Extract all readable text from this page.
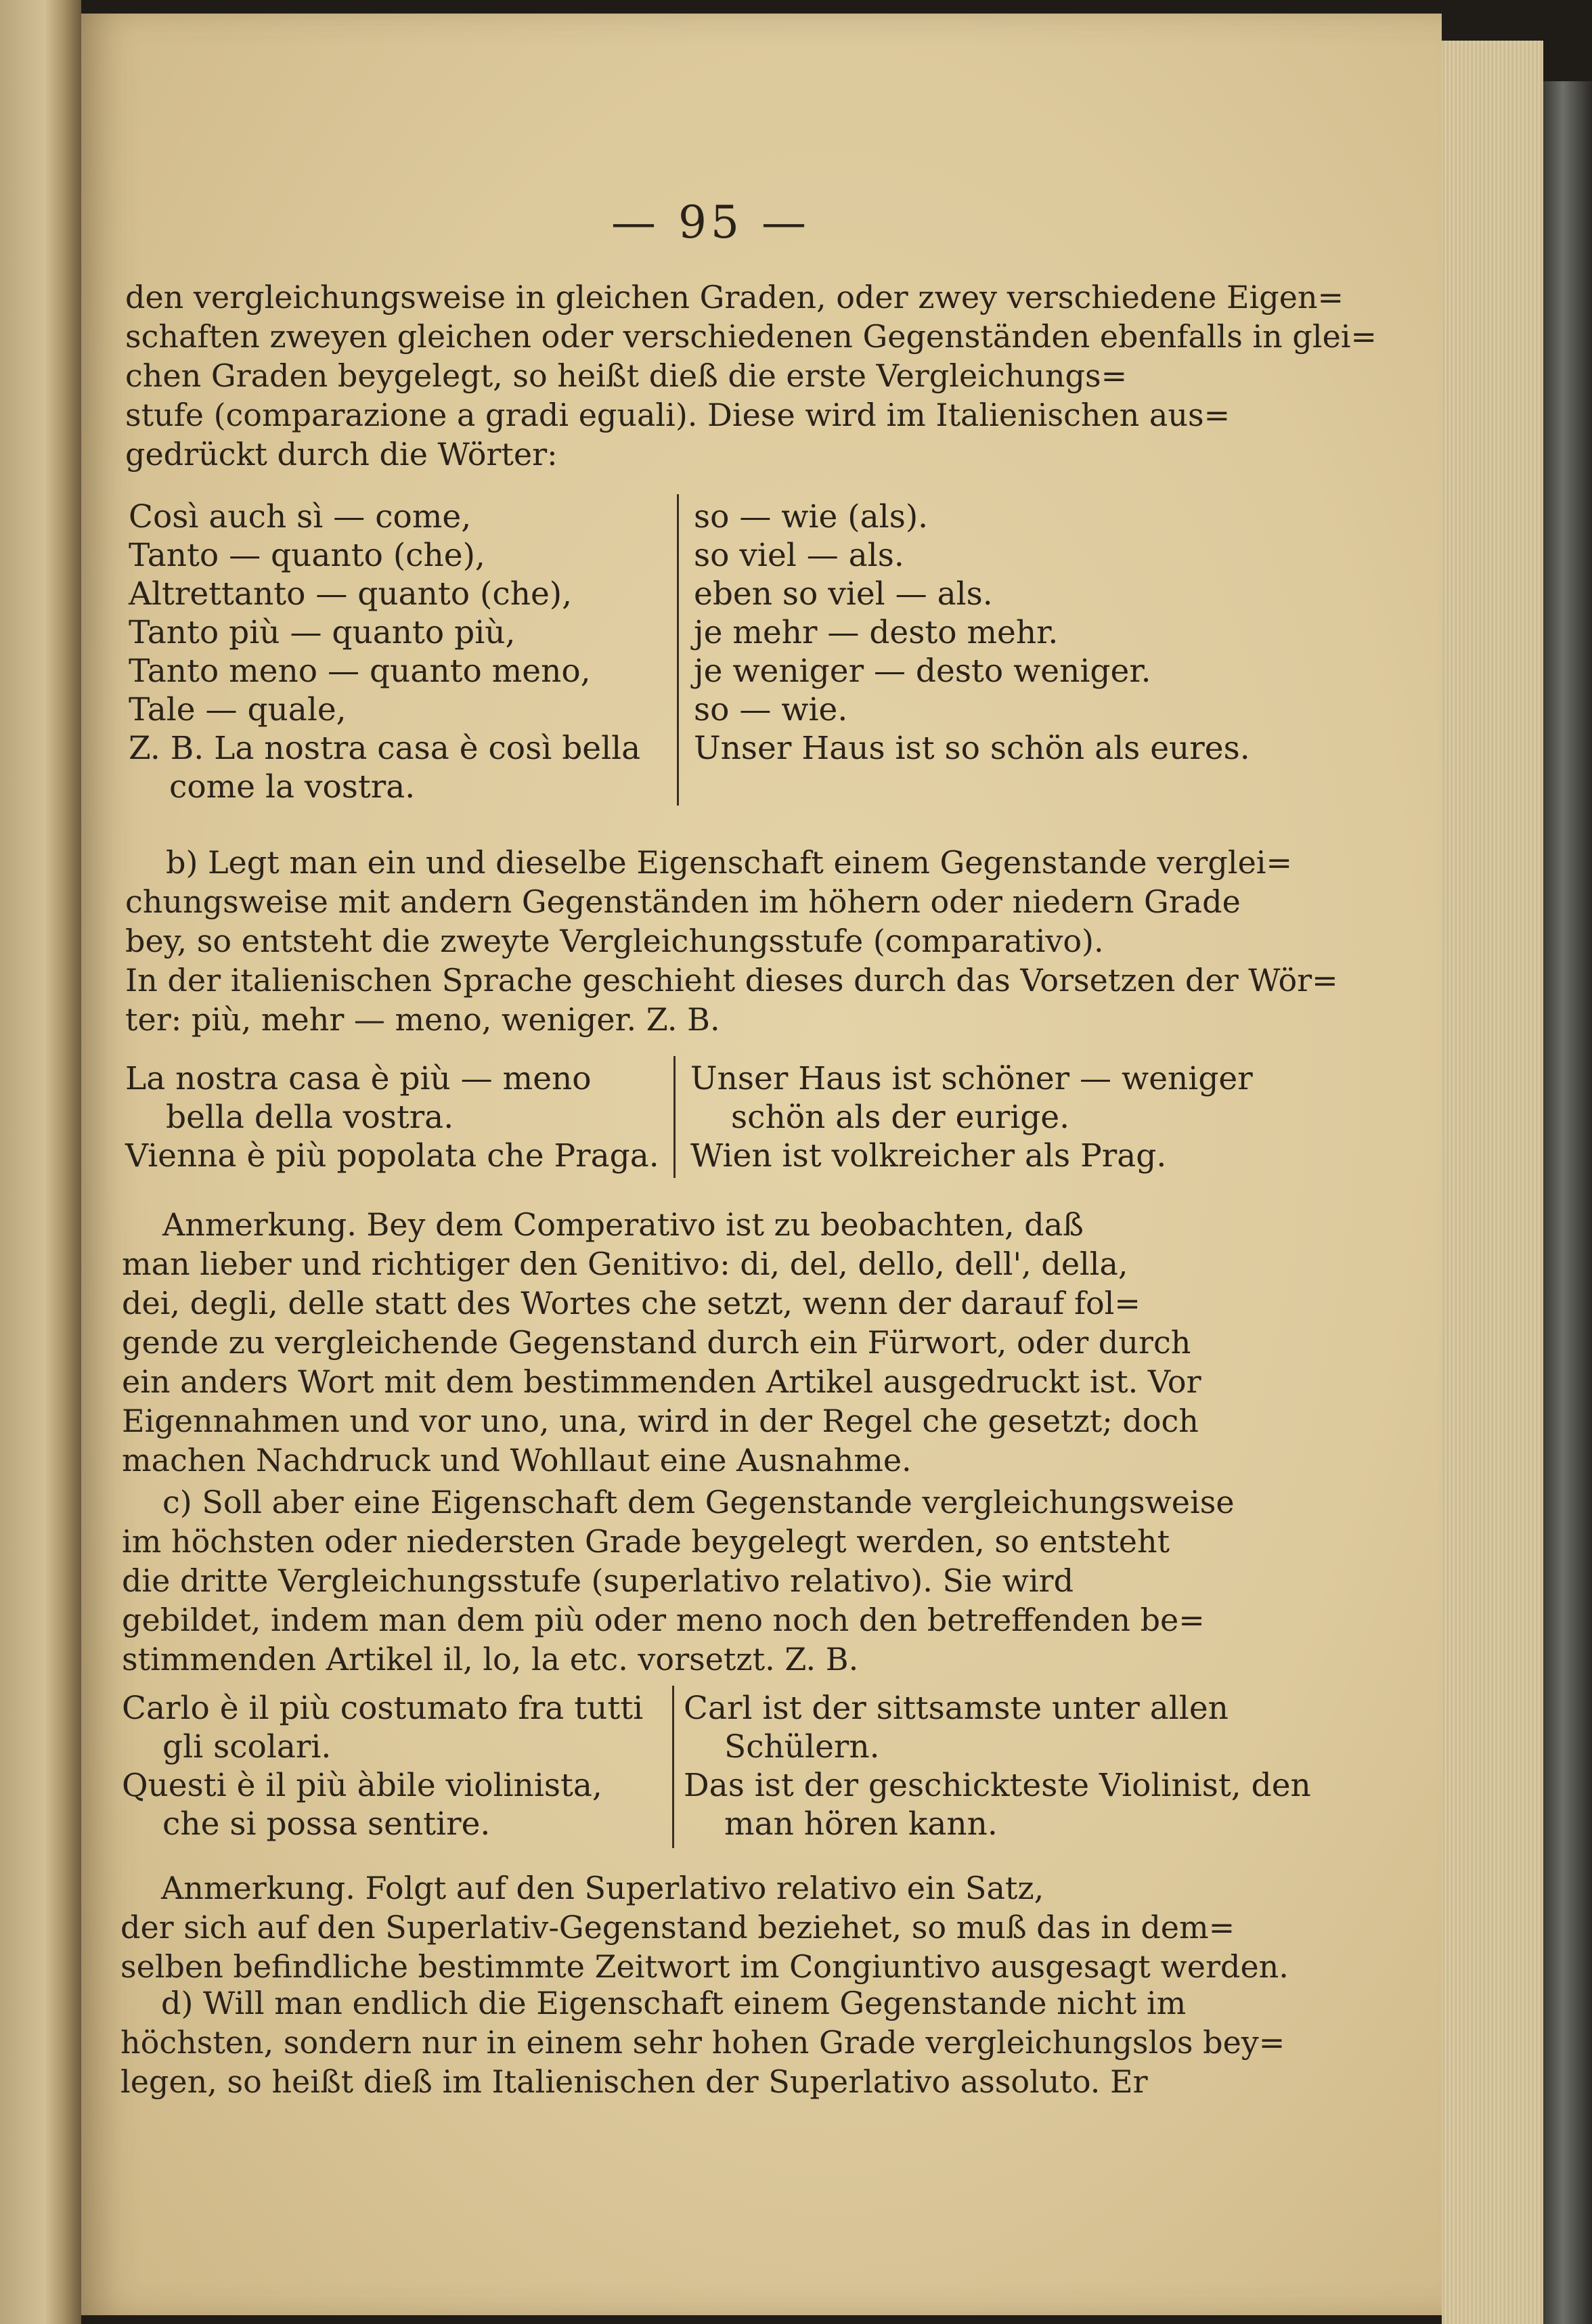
— 95 —
den vergleichungsweise in gleichen Graden, oder zwey verschiedene Eigen=
schaften zweyen gleichen oder verschiedenen Gegenständen ebenfalls in glei=
chen Graden beygelegt, so heißt dieß die erste Vergleichungs=
stufe (comparazione a gradi eguali). Diese wird im Italienischen aus=
gedrückt durch die Wörter:
Così auch sì — come,
Tanto — quanto (che),
Altrettanto — quanto (che),
Tanto più — quanto più,
Tanto meno — quanto meno,
Tale — quale,
Z. B. La nostra casa è così bella
come la vostra.
so — wie (als).
so viel — als.
eben so viel — als.
je mehr — desto mehr.
je weniger — desto weniger.
so — wie.
Unser Haus ist so schön als eures.
b) Legt man ein und dieselbe Eigenschaft einem Gegenstande verglei=
chungsweise mit andern Gegenständen im höhern oder niedern Grade
bey, so entsteht die zweyte Vergleichungsstufe (comparativo).
In der italienischen Sprache geschieht dieses durch das Vorsetzen der Wör=
ter: più, mehr — meno, weniger. Z. B.
La nostra casa è più — meno
bella della vostra.
Vienna è più popolata che Praga.
Unser Haus ist schöner — weniger
schön als der eurige.
Wien ist volkreicher als Prag.
Anmerkung. Bey dem Comperativo ist zu beobachten, daß
man lieber und richtiger den Genitivo: di, del, dello, dell', della,
dei, degli, delle statt des Wortes che setzt, wenn der darauf fol=
gende zu vergleichende Gegenstand durch ein Fürwort, oder durch
ein anders Wort mit dem bestimmenden Artikel ausgedruckt ist. Vor
Eigennahmen und vor uno, una, wird in der Regel che gesetzt; doch
machen Nachdruck und Wohllaut eine Ausnahme.
c) Soll aber eine Eigenschaft dem Gegenstande vergleichungsweise
im höchsten oder niedersten Grade beygelegt werden, so entsteht
die dritte Vergleichungsstufe (superlativo relativo). Sie wird
gebildet, indem man dem più oder meno noch den betreffenden be=
stimmenden Artikel il, lo, la etc. vorsetzt. Z. B.
Carlo è il più costumato fra tutti
gli scolari.
Questi è il più àbile violinista,
che si possa sentire.
Carl ist der sittsamste unter allen
Schülern.
Das ist der geschickteste Violinist, den
man hören kann.
Anmerkung. Folgt auf den Superlativo relativo ein Satz,
der sich auf den Superlativ-Gegenstand beziehet, so muß das in dem=
selben befindliche bestimmte Zeitwort im Congiuntivo ausgesagt werden.
d) Will man endlich die Eigenschaft einem Gegenstande nicht im
höchsten, sondern nur in einem sehr hohen Grade vergleichungslos bey=
legen, so heißt dieß im Italienischen der Superlativo assoluto. Er
